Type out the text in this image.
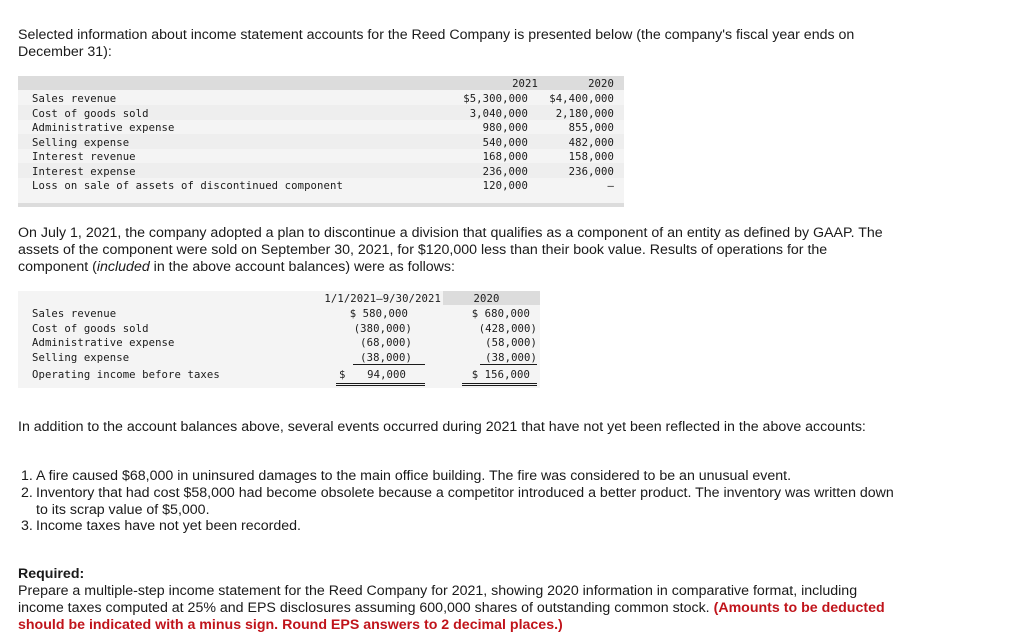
Selected information about income statement accounts for the Reed Company is presented below (the company's fiscal year ends on December 31):

2021	2020
Sales revenue	$5,300,000	$4,400,000
Cost of goods sold	3,040,000	2,180,000
Administrative expense	980,000	855,000
Selling expense	540,000	482,000
Interest revenue	168,000	158,000
Interest expense	236,000	236,000
Loss on sale of assets of discontinued component	120,000	–

On July 1, 2021, the company adopted a plan to discontinue a division that qualifies as a component of an entity as defined by GAAP. The assets of the component were sold on September 30, 2021, for $120,000 less than their book value. Results of operations for the component (included in the above account balances) were as follows:

1/1/2021–9/30/2021	2020
Sales revenue	$ 580,000	$ 680,000
Cost of goods sold	(380,000)	(428,000)
Administrative expense	(68,000)	(58,000)
Selling expense	(38,000)	(38,000)
Operating income before taxes	$	94,000	$ 156,000

In addition to the account balances above, several events occurred during 2021 that have not yet been reflected in the above accounts:

1. A fire caused $68,000 in uninsured damages to the main office building. The fire was considered to be an unusual event.
2. Inventory that had cost $58,000 had become obsolete because a competitor introduced a better product. The inventory was written down to its scrap value of $5,000.
3. Income taxes have not yet been recorded.
Required:
Prepare a multiple-step income statement for the Reed Company for 2021, showing 2020 information in comparative format, including income taxes computed at 25% and EPS disclosures assuming 600,000 shares of outstanding common stock. (Amounts to be deducted should be indicated with a minus sign. Round EPS answers to 2 decimal places.)
